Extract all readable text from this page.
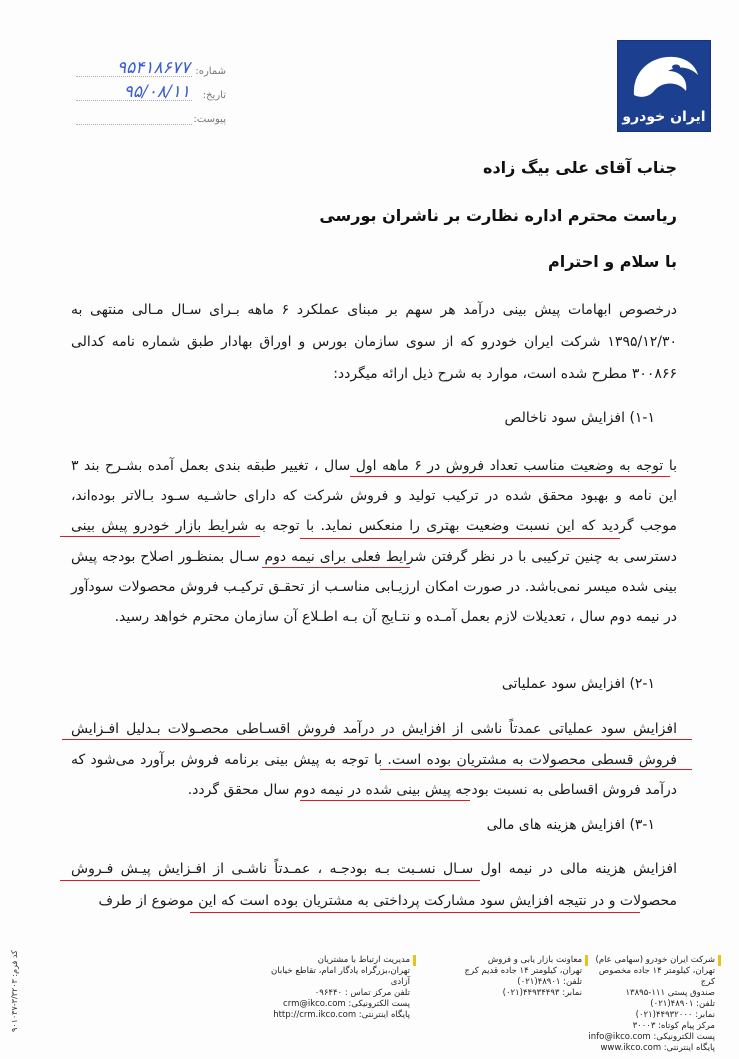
ایران خودرو
شماره:
۹۵۴۱۸۶۷۷
تاریخ:
۹۵/۰۸/۱۱
پیوست:
جناب آقای علی بیگ زاده
ریاست محترم اداره نظارت بر ناشران بورسی
با سلام و احترام
درخصوص ابهامات پیش بینی درآمد هر سهم بر مبنای عملکرد ۶ ماهه بـرای سـال مـالی منتهی به ۱۳۹۵/۱۲/۳۰ شرکت ایران خودرو که از سوی سازمان بورس و اوراق بهادار طبق شماره نامه کدالی ۳۰۰۸۶۶ مطرح شده است، موارد به شرح ذیل ارائه میگردد:
۱-۱) افزایش سود ناخالص
با توجه به وضعیت مناسب تعداد فروش در ۶ ماهه اول سال ، تغییر طبقه بندی بعمل آمده بشـرح بند ۳ این نامه و بهبود محقق شده در ترکیب تولید و فروش شرکت که دارای حاشـیه سـود بـالاتر بوده‌اند، موجب گردید که این نسبت وضعیت بهتری را منعکس نماید. با توجه به شرایط بازار خودرو پیش بینی دسترسی به چنین ترکیبی با در نظر گرفتن شرایط فعلی برای نیمه دوم سـال بمنظـور اصلاح بودجه پیش بینی شده میسر نمی‌باشد. در صورت امکان ارزیـابی مناسـب از تحقـق ترکیـب فروش محصولات سودآور در نیمه دوم سال ، تعدیلات لازم بعمل آمـده و نتـایج آن بـه اطـلاع آن سازمان محترم خواهد رسید.
۲-۱) افزایش سود عملیاتی
افزایش سود عملیاتی عمدتاً ناشی از افزایش در درآمد فروش اقسـاطی محصـولات بـدلیل افـزایش فروش قسطی محصولات به مشتریان بوده است. با توجه به پیش بینی برنامه فروش برآورد می‌شود که درآمد فروش اقساطی به نسبت بودجه پیش بینی شده در نیمه دوم سال محقق گردد.
۳-۱) افزایش هزینه های مالی
افزایش هزینه مالی در نیمه اول سـال نسـبت بـه بودجـه ، عمـدتاً ناشـی از افـزایش پیـش فـروش محصولات و در نتیجه افزایش سود مشارکت پرداختی به مشتریان بوده است که این موضوع از طرف
شرکت ایران خودرو (سهامی عام)
تهران، کیلومتر ۱۴ جاده مخصوص کرج
صندوق پستی ۱۱۱-۱۳۸۹۵
تلفن: ۴۸۹۰۱(۰۲۱)
نمابر: ۴۴۹۳۲۰۰۰(۰۲۱)
مرکز پیام کوتاه: ۳۰۰۰۳
پست الکترونیکی: info@ikco.com
پایگاه اینترنتی: www.ikco.com
معاونت بازار یابی و فروش
تهران، کیلومتر ۱۴ جاده قدیم کرج
تلفن: ۴۸۹۰۱(۰۲۱)
نمابر: ۴۴۹۳۴۴۹۳(۰۲۱)
مدیریت ارتباط با مشتریان
تهران،بزرگراه یادگار امام، تقاطع خیابان آزادی
تلفن مرکز تماس : ۰۹۶۴۴۰
پست الکترونیکی: crm@ikco.com
پایگاه اینترنتی: http://crm.ikco.com
کد فرم: ۳/۳۲۰۳-۹۰۱۰۳۷
